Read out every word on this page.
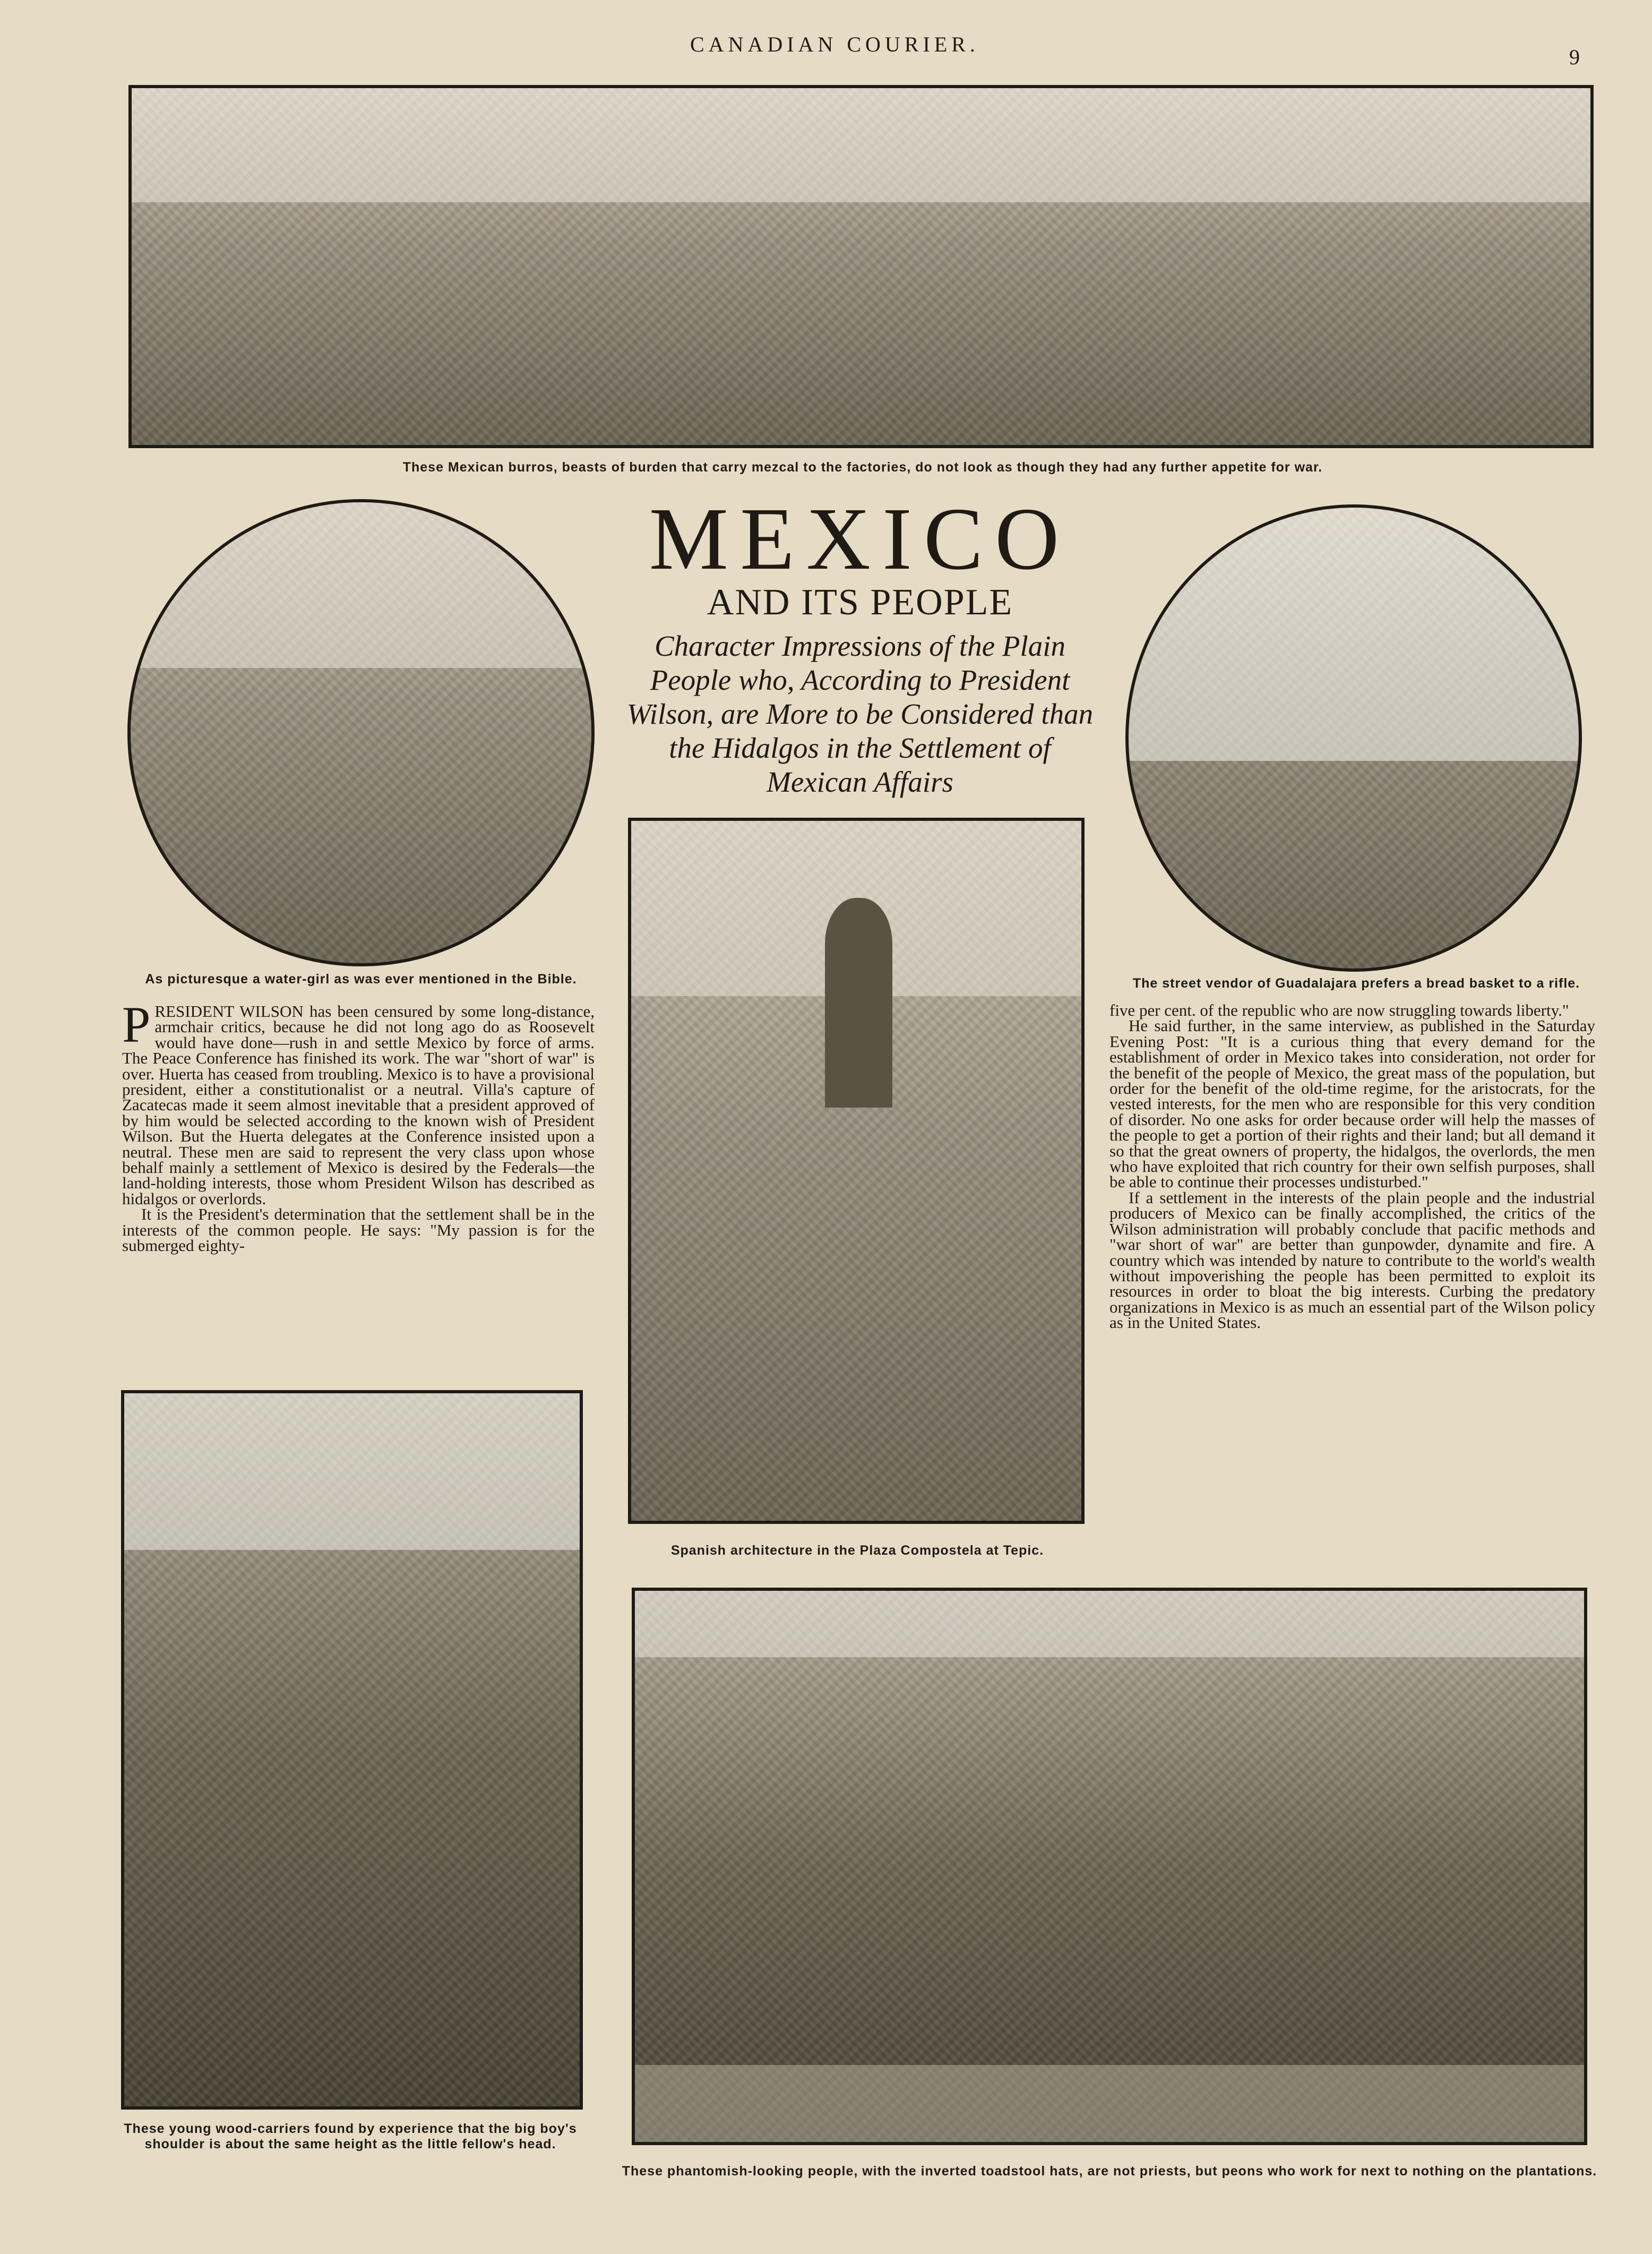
CANADIAN COURIER.
9
These Mexican burros, beasts of burden that carry mezcal to the factories, do not look as though they had any further appetite for war.
As picturesque a water-girl as was ever mentioned in the Bible.
MEXICO
AND ITS PEOPLE
Character Impressions of the Plain People who, According to President Wilson, are More to be Considered than the Hidalgos in the Settlement of Mexican Affairs
The street vendor of Guadalajara prefers a bread basket to a rifle.

PRESIDENT WILSON has been censured by some long-distance, armchair critics, because he did not long ago do as Roosevelt would have done—rush in and settle Mexico by force of arms. The Peace Conference has finished its work. The war "short of war" is over. Huerta has ceased from troubling. Mexico is to have a provisional president, either a constitutionalist or a neutral. Villa's capture of Zacatecas made it seem almost inevitable that a president approved of by him would be selected according to the known wish of President Wilson. But the Huerta delegates at the Conference insisted upon a neutral. These men are said to represent the very class upon whose behalf mainly a settlement of Mexico is desired by the Federals—the land-holding interests, those whom President Wilson has described as hidalgos or overlords.

It is the President's determination that the settlement shall be in the interests of the common people. He says: "My passion is for the submerged eighty-

Spanish architecture in the Plaza Compostela at Tepic.

five per cent. of the republic who are now struggling towards liberty."

He said further, in the same interview, as published in the Saturday Evening Post: "It is a curious thing that every demand for the establishment of order in Mexico takes into consideration, not order for the benefit of the people of Mexico, the great mass of the population, but order for the benefit of the old-time regime, for the aristocrats, for the vested interests, for the men who are responsible for this very condition of disorder. No one asks for order because order will help the masses of the people to get a portion of their rights and their land; but all demand it so that the great owners of property, the hidalgos, the overlords, the men who have exploited that rich country for their own selfish purposes, shall be able to continue their processes undisturbed."

If a settlement in the interests of the plain people and the industrial producers of Mexico can be finally accomplished, the critics of the Wilson administration will probably conclude that pacific methods and "war short of war" are better than gunpowder, dynamite and fire. A country which was intended by nature to contribute to the world's wealth without impoverishing the people has been permitted to exploit its resources in order to bloat the big interests. Curbing the predatory organizations in Mexico is as much an essential part of the Wilson policy as in the United States.

These young wood-carriers found by experience that the big boy's shoulder is about the same height as the little fellow's head.
These phantomish-looking people, with the inverted toadstool hats, are not priests, but peons who work for next to nothing on the plantations.
